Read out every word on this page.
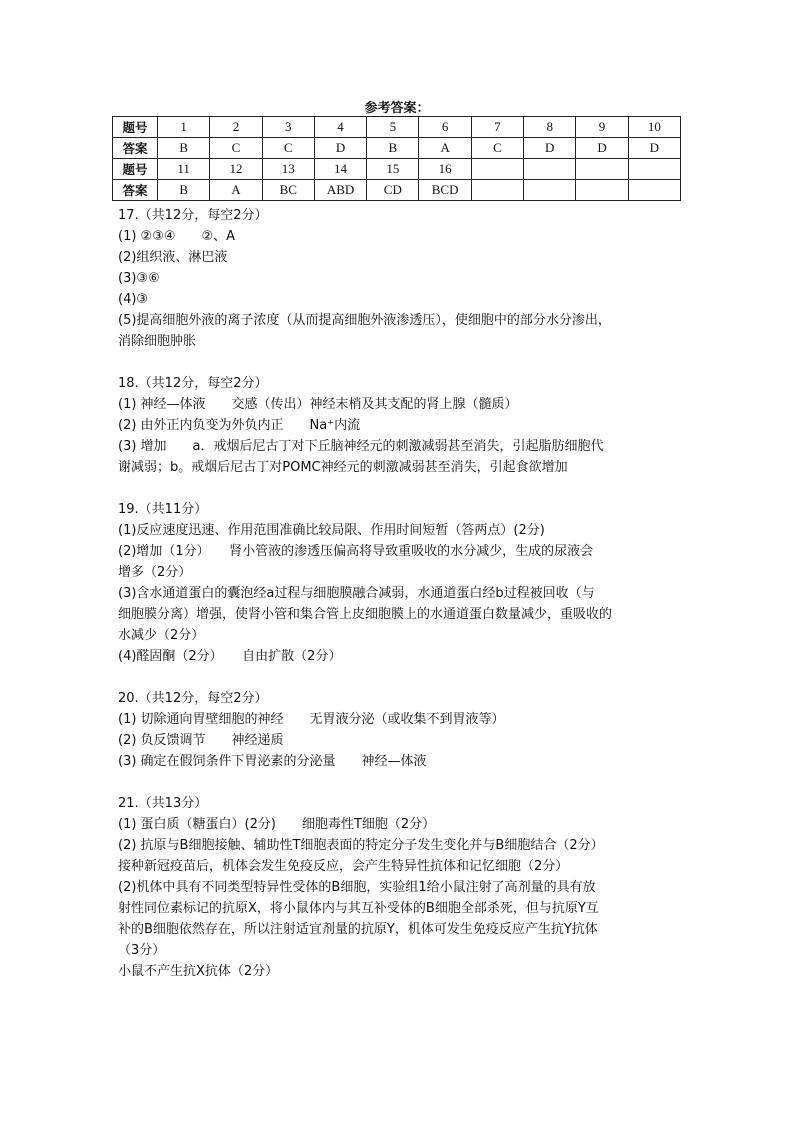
参考答案：
题号	1	2	3	4	5	6	7	8	9	10
答案	B	C	C	D	B	A	C	D	D	D
题号	11	12	13	14	15	16				
答案	B	A	BC	ABD	CD	BCD				
17.（共12分，每空2分）
(1) ②③④　　②、A
(2)组织液、淋巴液
(3)③⑥
(4)③
(5)提高细胞外液的离子浓度（从而提高细胞外液渗透压），使细胞中的部分水分渗出，
消除细胞肿胀
18.（共12分，每空2分）
(1) 神经—体液　　交感（传出）神经末梢及其支配的肾上腺（髓质）
(2) 由外正内负变为外负内正　　Na⁺内流
(3) 增加　　a．戒烟后尼古丁对下丘脑神经元的刺激减弱甚至消失，引起脂肪细胞代
谢减弱；b。戒烟后尼古丁对POMC神经元的刺激减弱甚至消失，引起食欲增加
19.（共11分）
(1)反应速度迅速、作用范围准确比较局限、作用时间短暂（答两点）(2分)
(2)增加（1分）　　肾小管液的渗透压偏高将导致重吸收的水分减少，生成的尿液会
增多（2分）
(3)含水通道蛋白的囊泡经a过程与细胞膜融合减弱，水通道蛋白经b过程被回收（与
细胞膜分离）增强，使肾小管和集合管上皮细胞膜上的水通道蛋白数量减少，重吸收的
水减少（2分）
(4)醛固酮（2分）　　自由扩散（2分）
20.（共12分，每空2分）
(1) 切除通向胃壁细胞的神经　　无胃液分泌（或收集不到胃液等）
(2) 负反馈调节　　神经递质
(3) 确定在假饲条件下胃泌素的分泌量　　神经—体液
21.（共13分）
(1) 蛋白质（糖蛋白）(2分)　　细胞毒性T细胞（2分）
(2) 抗原与B细胞接触、辅助性T细胞表面的特定分子发生变化并与B细胞结合（2分）
接种新冠疫苗后，机体会发生免疫反应，会产生特异性抗体和记忆细胞（2分）
(2)机体中具有不同类型特异性受体的B细胞，实验组1给小鼠注射了高剂量的具有放
射性同位素标记的抗原X，将小鼠体内与其互补受体的B细胞全部杀死，但与抗原Y互
补的B细胞依然存在，所以注射适宜剂量的抗原Y，机体可发生免疫反应产生抗Y抗体
（3分）
小鼠不产生抗X抗体（2分）
